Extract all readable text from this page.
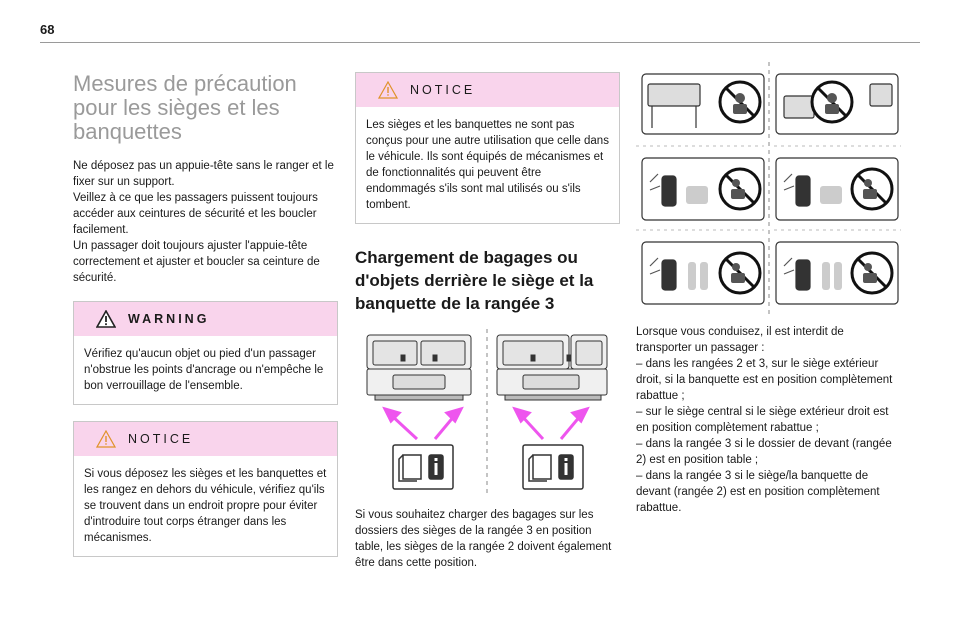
68
Mesures de précaution pour les sièges et les banquettes

Ne déposez pas un appuie-tête sans le ranger et le fixer sur un support.

Veillez à ce que les passagers puissent toujours accéder aux ceintures de sécurité et les boucler facilement.

Un passager doit toujours ajuster l'appuie-tête correctement et ajuster et boucler sa ceinture de sécurité.

WARNING
Vérifiez qu'aucun objet ou pied d'un passager n'obstrue les points d'ancrage ou n'empêche le bon verrouillage de l'ensemble.
NOTICE
Si vous déposez les sièges et les banquettes et les rangez en dehors du véhicule, vérifiez qu'ils se trouvent dans un endroit propre pour éviter d'introduire tout corps étranger dans les mécanismes.
NOTICE
Les sièges et les banquettes ne sont pas conçus pour une autre utilisation que celle dans le véhicule. Ils sont équipés de mécanismes et de fonctionnalités qui peuvent être endommagés s'ils sont mal utilisés ou s'ils tombent.
Chargement de bagages ou d'objets derrière le siège et la banquette de la rangée 3
Si vous souhaitez charger des bagages sur les dossiers des sièges de la rangée 3 en position table, les sièges de la rangée 2 doivent également être dans cette position.

Lorsque vous conduisez, il est interdit de transporter un passager :

– dans les rangées 2 et 3, sur le siège extérieur droit, si la banquette est en position complètement rabattue ;

– sur le siège central si le siège extérieur droit est en position complètement rabattue ;

– dans la rangée 3 si le dossier de devant (rangée 2) est en position table ;

– dans la rangée 3 si le siège/la banquette de devant (rangée 2) est en position complètement rabattue.
